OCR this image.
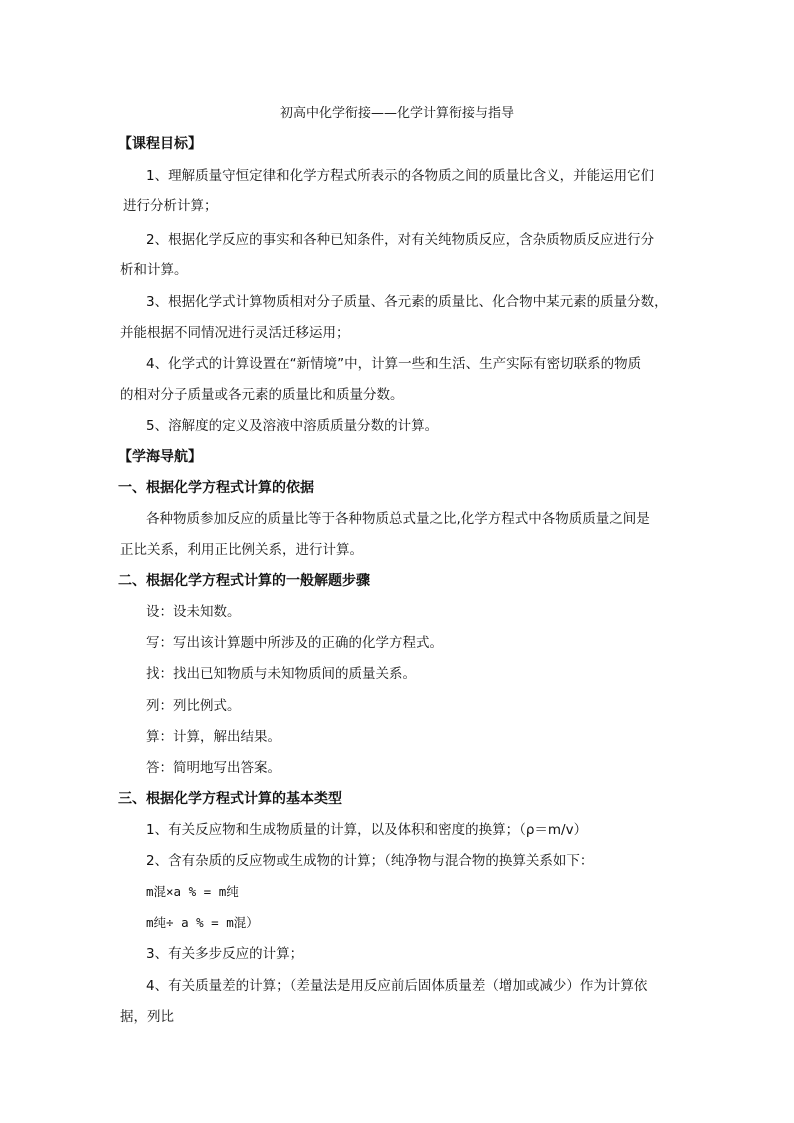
初高中化学衔接——化学计算衔接与指导
【课程目标】
1、理解质量守恒定律和化学方程式所表示的各物质之间的质量比含义，并能运用它们
进行分析计算；
2、根据化学反应的事实和各种已知条件，对有关纯物质反应，含杂质物质反应进行分
析和计算。
3、根据化学式计算物质相对分子质量、各元素的质量比、化合物中某元素的质量分数，
并能根据不同情况进行灵活迁移运用；
4、化学式的计算设置在“新情境”中，计算一些和生活、生产实际有密切联系的物质
的相对分子质量或各元素的质量比和质量分数。
5、溶解度的定义及溶液中溶质质量分数的计算。
【学海导航】
一、根据化学方程式计算的依据
各种物质参加反应的质量比等于各种物质总式量之比,化学方程式中各物质质量之间是
正比关系，利用正比例关系，进行计算。
二、根据化学方程式计算的一般解题步骤
设：设未知数。
写：写出该计算题中所涉及的正确的化学方程式。
找：找出已知物质与未知物质间的质量关系。
列：列比例式。
算：计算，解出结果。
答：简明地写出答案。
三、根据化学方程式计算的基本类型
1、有关反应物和生成物质量的计算，以及体积和密度的换算；（ρ＝m/v）
2、含有杂质的反应物或生成物的计算；（纯净物与混合物的换算关系如下：
m混×a % = m纯
m纯÷ a % = m混）
3、有关多步反应的计算；
4、有关质量差的计算；（差量法是用反应前后固体质量差（增加或减少）作为计算依
据，列比
